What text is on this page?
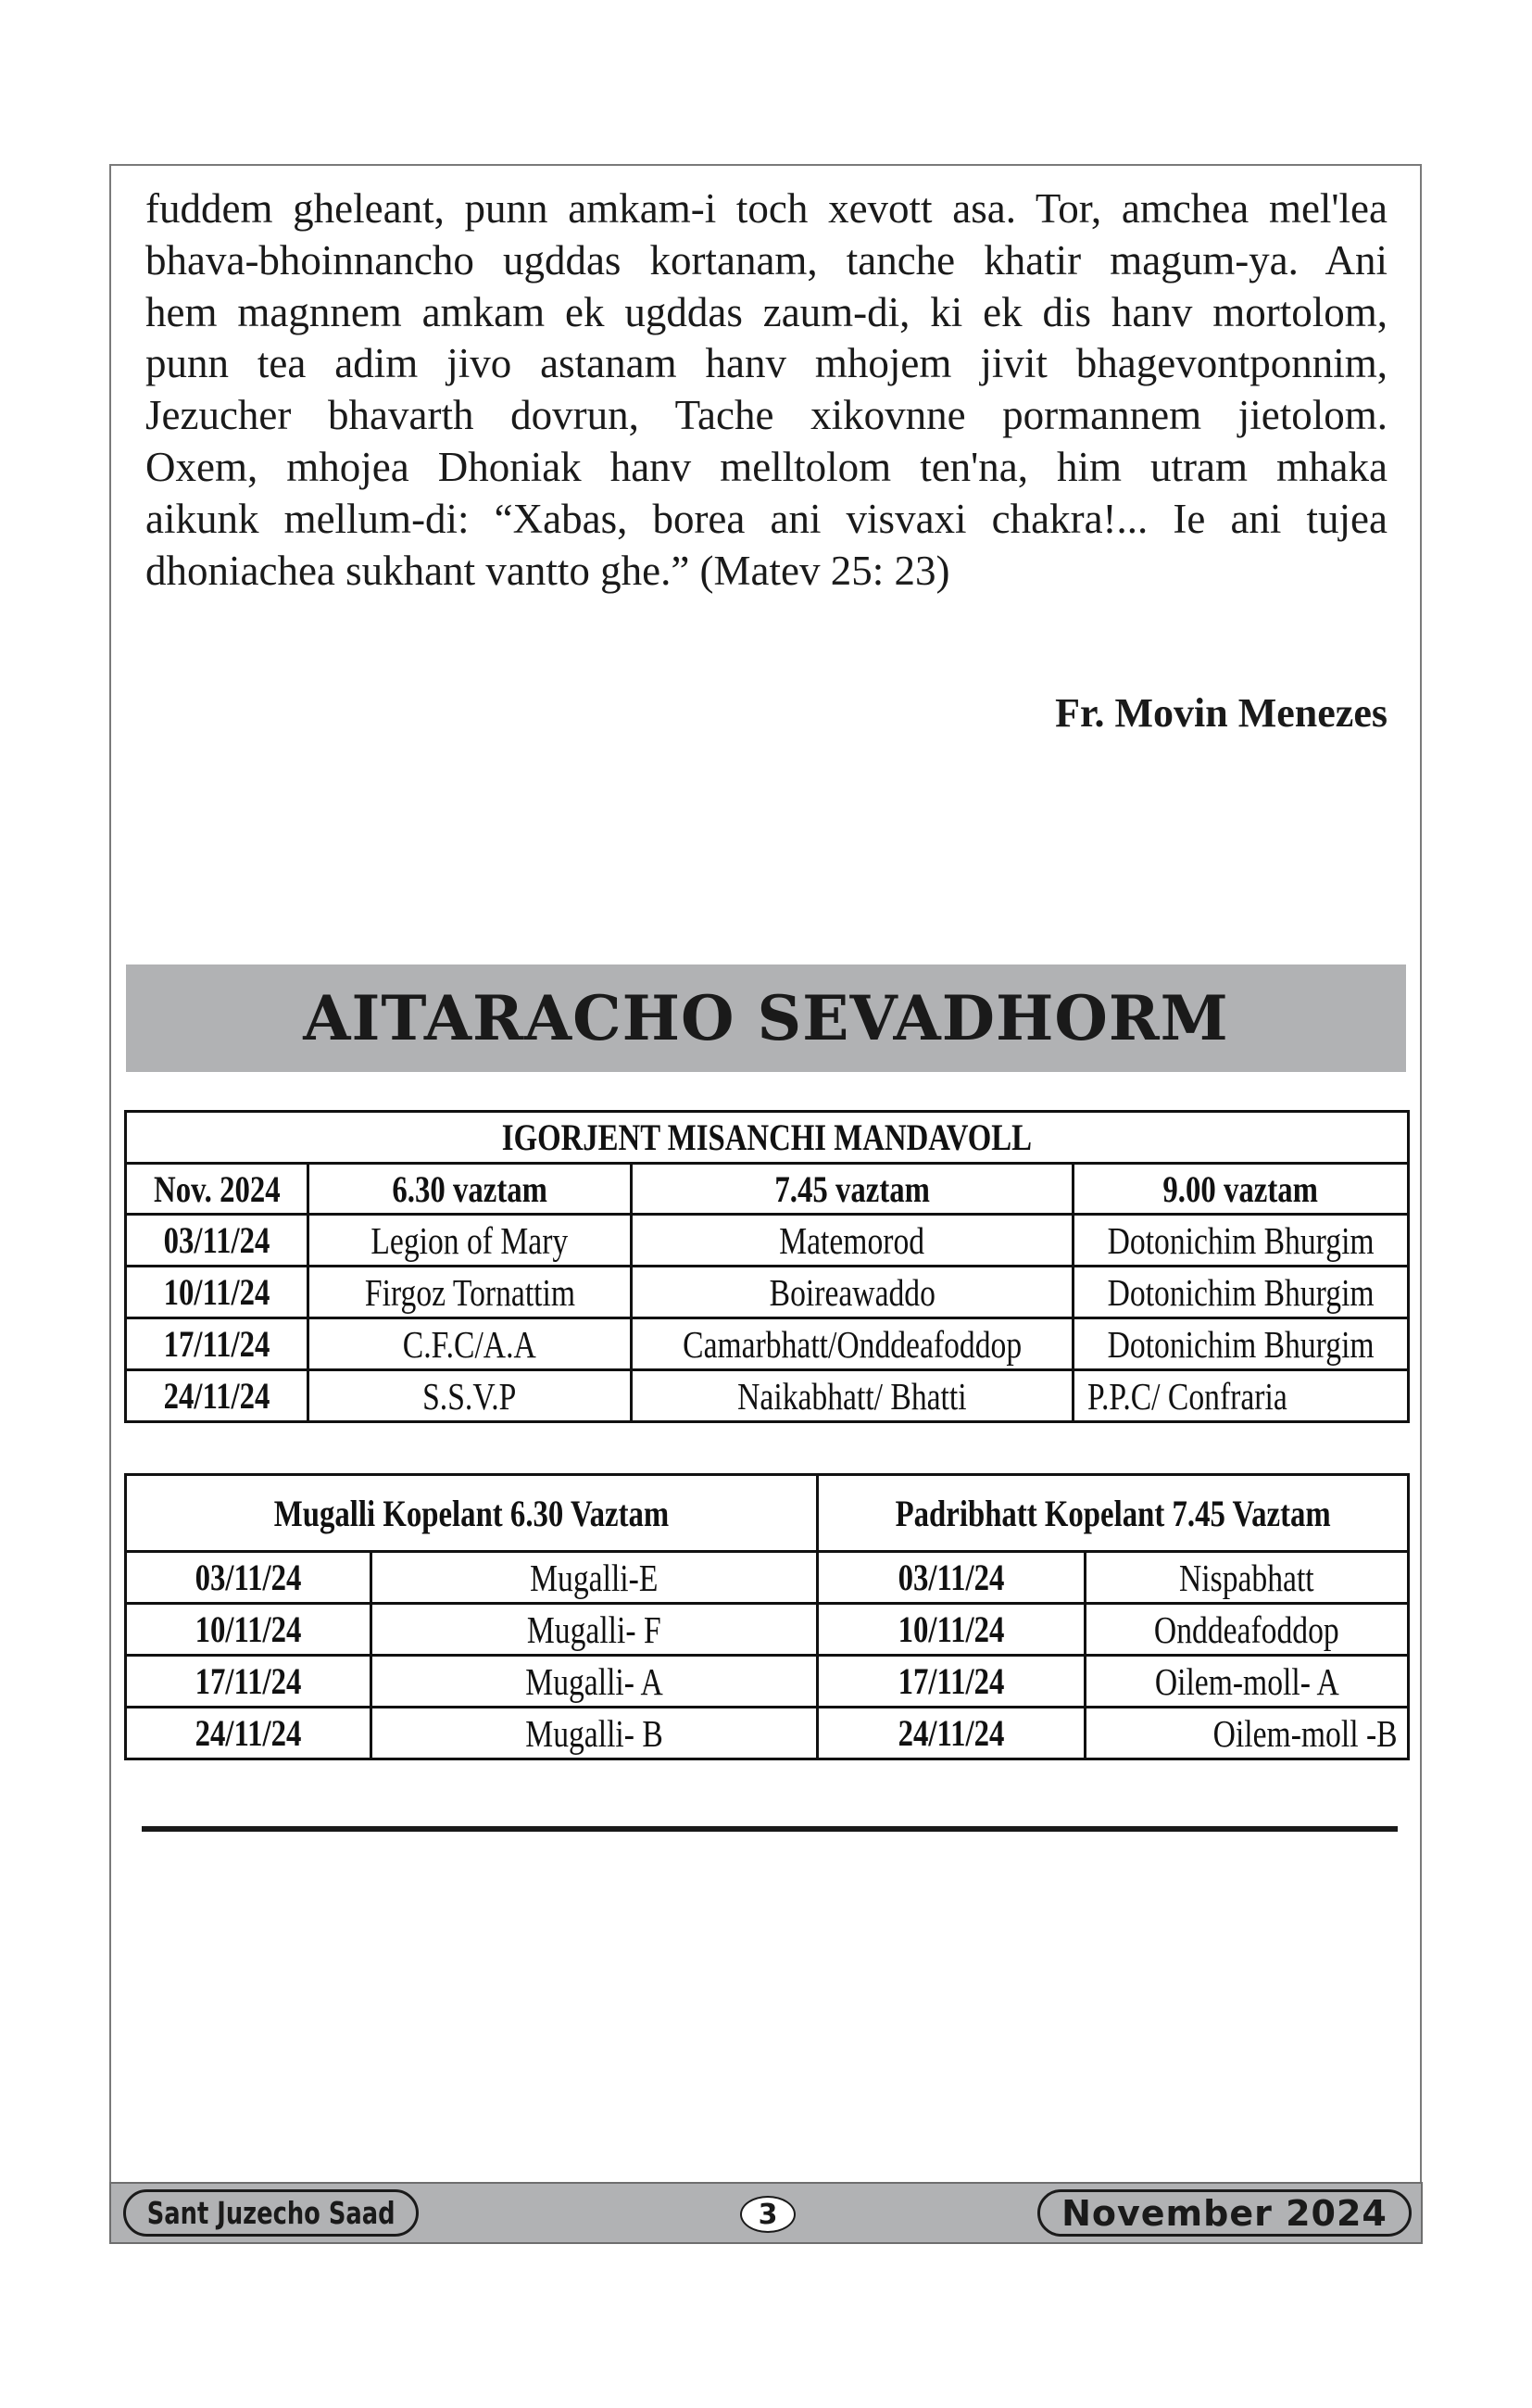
fuddem gheleant, punn amkam-i toch xevott asa. Tor, amchea mel'lea
bhava-bhoinnancho ugddas kortanam, tanche khatir magum-ya. Ani
hem magnnem amkam ek ugddas zaum-di, ki ek dis hanv mortolom,
punn tea adim jivo astanam hanv mhojem jivit bhagevontponnim,
Jezucher bhavarth dovrun, Tache xikovnne pormannem jietolom.
Oxem, mhojea Dhoniak hanv melltolom ten'na, him utram mhaka
aikunk mellum-di: “Xabas, borea ani visvaxi chakra!... Ie ani tujea
dhoniachea sukhant vantto ghe.” (Matev 25: 23)
Fr. Movin Menezes
AITARACHO SEVADHORM
IGORJENT MISANCHI MANDAVOLL			
Nov. 2024	6.30 vaztam	7.45 vaztam	9.00 vaztam
03/11/24	Legion of Mary	Matemorod	Dotonichim Bhurgim
10/11/24	Firgoz Tornattim	Boireawaddo	Dotonichim Bhurgim
17/11/24	C.F.C/A.A	Camarbhatt/Onddeafoddop	Dotonichim Bhurgim
24/11/24	S.S.V.P	Naikabhatt/ Bhatti	P.P.C/ Confraria
Mugalli Kopelant 6.30 Vaztam		Padribhatt Kopelant 7.45 Vaztam	
03/11/24	Mugalli-E	03/11/24	Nispabhatt
10/11/24	Mugalli- F	10/11/24	Onddeafoddop
17/11/24	Mugalli- A	17/11/24	Oilem-moll- A
24/11/24	Mugalli- B	24/11/24	Oilem-moll -B
Sant Juzecho Saad	3	November 2024
